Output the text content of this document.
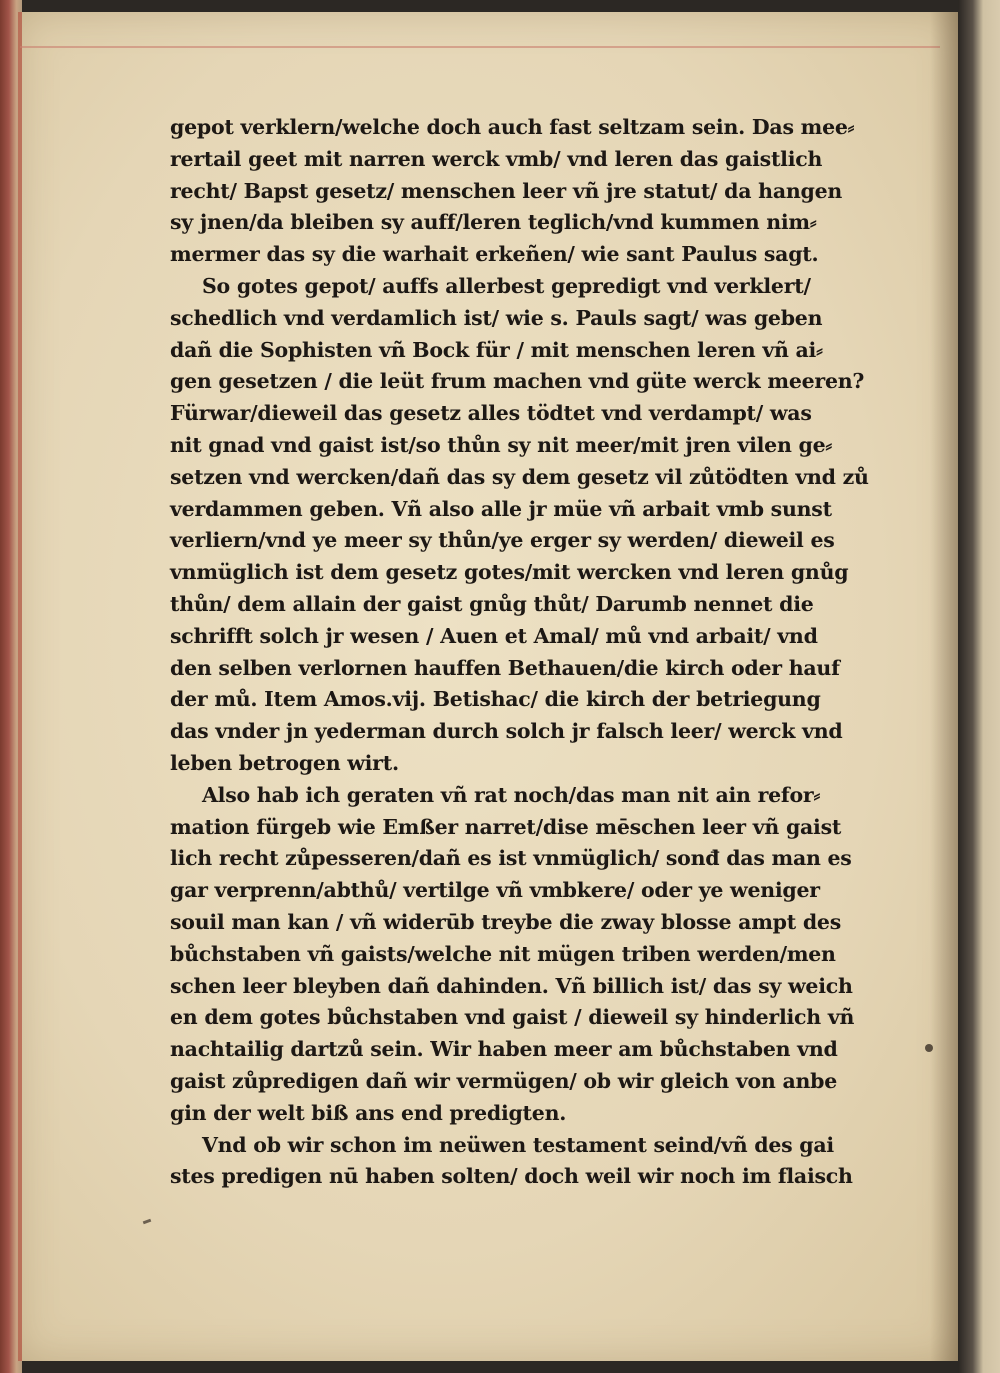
gepot verklern/welche doch auch fast seltzam sein. Das mee⸗
rertail geet mit narren werck vmb/ vnd leren das gaistlich
recht/ Bapst gesetz/ menschen leer vñ jre statut/ da hangen
sy jnen/da bleiben sy auff/leren teglich/vnd kummen nim⸗
mermer das sy die warhait erkeñen/ wie sant Paulus sagt.
So gotes gepot/ auffs allerbest gepredigt vnd verklert/
schedlich vnd verdamlich ist/ wie s. Pauls sagt/ was geben
dañ die Sophisten vñ Bock für / mit menschen leren vñ ai⸗
gen gesetzen / die leüt frum machen vnd güte werck meeren?
Fürwar/dieweil das gesetz alles tödtet vnd verdampt/ was
nit gnad vnd gaist ist/so thůn sy nit meer/mit jren vilen ge⸗
setzen vnd wercken/dañ das sy dem gesetz vil zůtödten vnd zů
verdammen geben. Vñ also alle jr müe vñ arbait vmb sunst
verliern/vnd ye meer sy thůn/ye erger sy werden/ dieweil es
vnmüglich ist dem gesetz gotes/mit wercken vnd leren gnůg
thůn/ dem allain der gaist gnůg thůt/ Darumb nennet die
schrifft solch jr wesen / Auen et Amal/ mů vnd arbait/ vnd
den selben verlornen hauffen Bethauen/die kirch oder hauf
der mů. Item Amos.vij. Betishac/ die kirch der betriegung
das vnder jn yederman durch solch jr falsch leer/ werck vnd
leben betrogen wirt.
Also hab ich geraten vñ rat noch/das man nit ain refor⸗
mation fürgeb wie Emßer narret/dise mēschen leer vñ gaist
lich recht zůpesseren/dañ es ist vnmüglich/ sonđ das man es
gar verprenn/abthů/ vertilge vñ vmbkere/ oder ye weniger
souil man kan / vñ widerūb treybe die zway blosse ampt des
bůchstaben vñ gaists/welche nit mügen triben werden/men
schen leer bleyben dañ dahinden. Vñ billich ist/ das sy weich
en dem gotes bůchstaben vnd gaist / dieweil sy hinderlich vñ
nachtailig dartzů sein. Wir haben meer am bůchstaben vnd
gaist zůpredigen dañ wir vermügen/ ob wir gleich von anbe
gin der welt biß ans end predigten.
Vnd ob wir schon im neüwen testament seind/vñ des gai
stes predigen nū haben solten/ doch weil wir noch im flaisch
